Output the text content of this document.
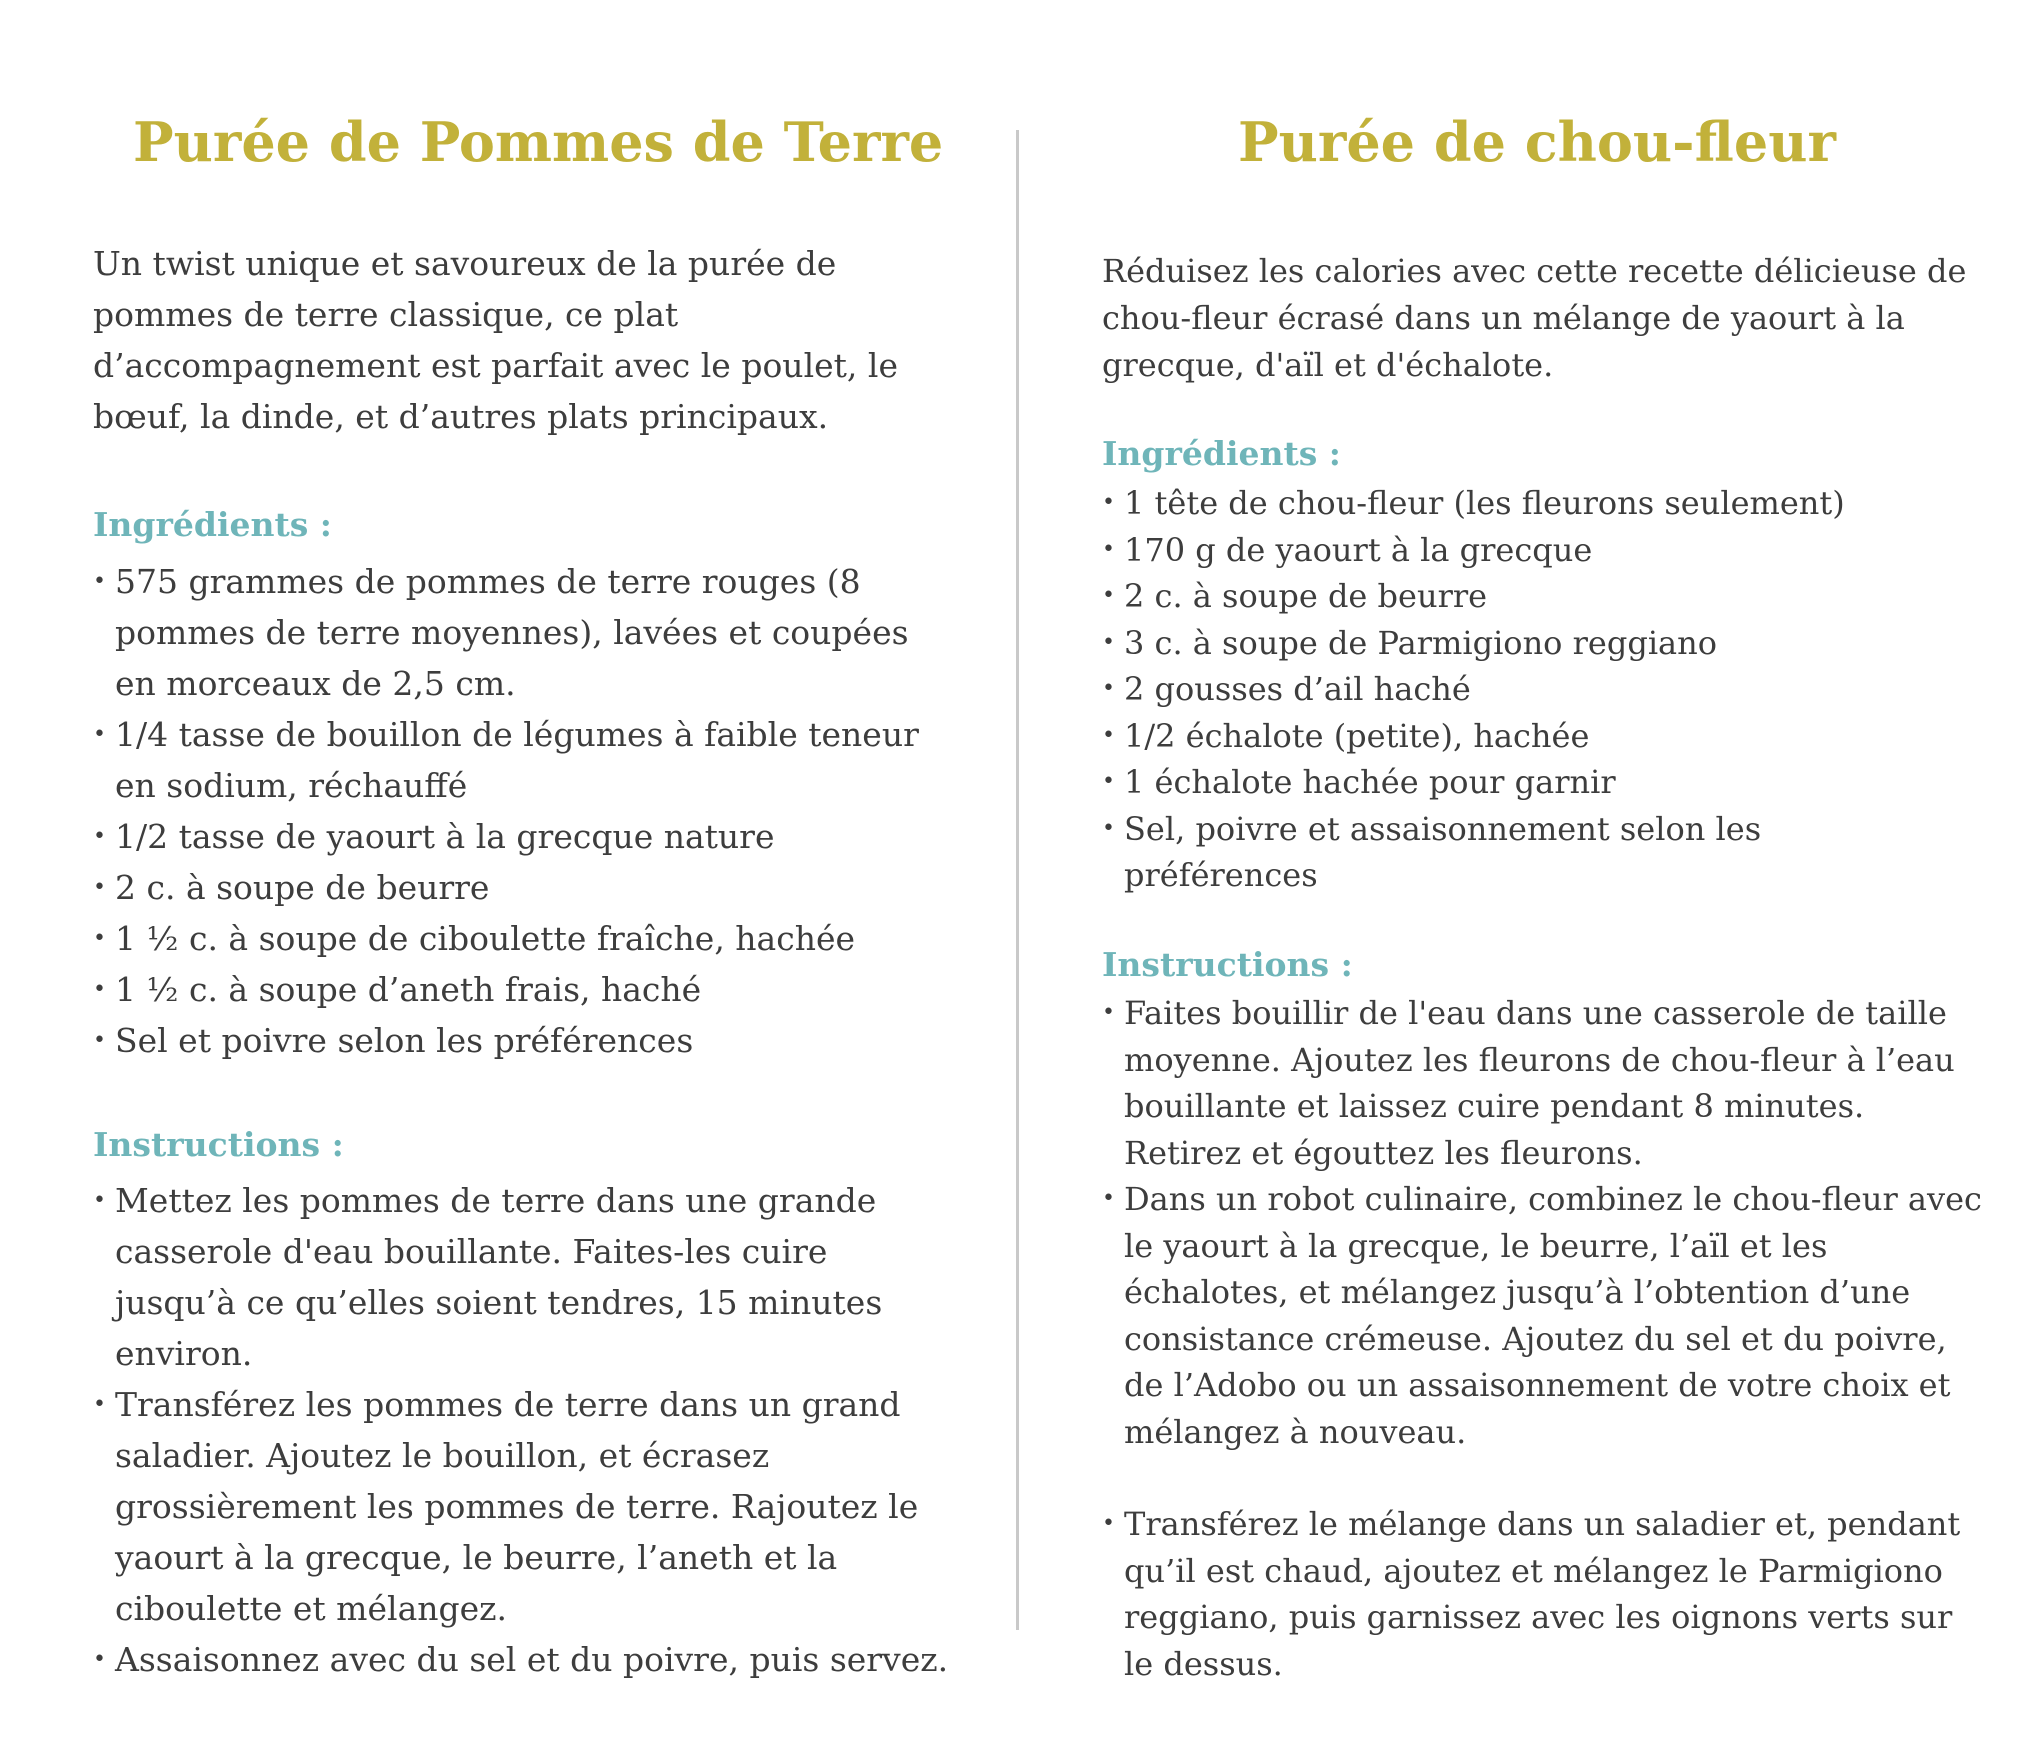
Purée de Pommes de Terre

Un twist unique et savoureux de la purée de pommes de terre classique, ce plat d’accompagnement est parfait avec le poulet, le bœuf, la dinde, et d’autres plats principaux.

Ingrédients :
• 575 grammes de pommes de terre rouges (8 pommes de terre moyennes), lavées et coupées en morceaux de 2,5 cm.
• 1/4 tasse de bouillon de légumes à faible teneur en sodium, réchauffé
• 1/2 tasse de yaourt à la grecque nature
• 2 c. à soupe de beurre
• 1 ½ c. à soupe de ciboulette fraîche, hachée
• 1 ½ c. à soupe d’aneth frais, haché
• Sel et poivre selon les préférences
Instructions :
• Mettez les pommes de terre dans une grande casserole d'eau bouillante. Faites-les cuire jusqu’à ce qu’elles soient tendres, 15 minutes environ.
• Transférez les pommes de terre dans un grand saladier. Ajoutez le bouillon, et écrasez grossièrement les pommes de terre. Rajoutez le yaourt à la grecque, le beurre, l’aneth et la ciboulette et mélangez.
• Assaisonnez avec du sel et du poivre, puis servez.
Purée de chou-fleur

Réduisez les calories avec cette recette délicieuse de chou-fleur écrasé dans un mélange de yaourt à la grecque, d'aïl et d'échalote.

Ingrédients :
• 1 tête de chou-fleur (les fleurons seulement)
• 170 g de yaourt à la grecque
• 2 c. à soupe de beurre
• 3 c. à soupe de Parmigiono reggiano
• 2 gousses d’ail haché
• 1/2 échalote (petite), hachée
• 1 échalote hachée pour garnir
• Sel, poivre et assaisonnement selon les préférences
Instructions :
• Faites bouillir de l'eau dans une casserole de taille moyenne. Ajoutez les fleurons de chou-fleur à l’eau bouillante et laissez cuire pendant 8 minutes. Retirez et égouttez les fleurons.
• Dans un robot culinaire, combinez le chou-fleur avec le yaourt à la grecque, le beurre, l’aïl et les échalotes, et mélangez jusqu’à l’obtention d’une consistance crémeuse. Ajoutez du sel et du poivre, de l’Adobo ou un assaisonnement de votre choix et mélangez à nouveau.
• Transférez le mélange dans un saladier et, pendant qu’il est chaud, ajoutez et mélangez le Parmigiono reggiano, puis garnissez avec les oignons verts sur le dessus.
